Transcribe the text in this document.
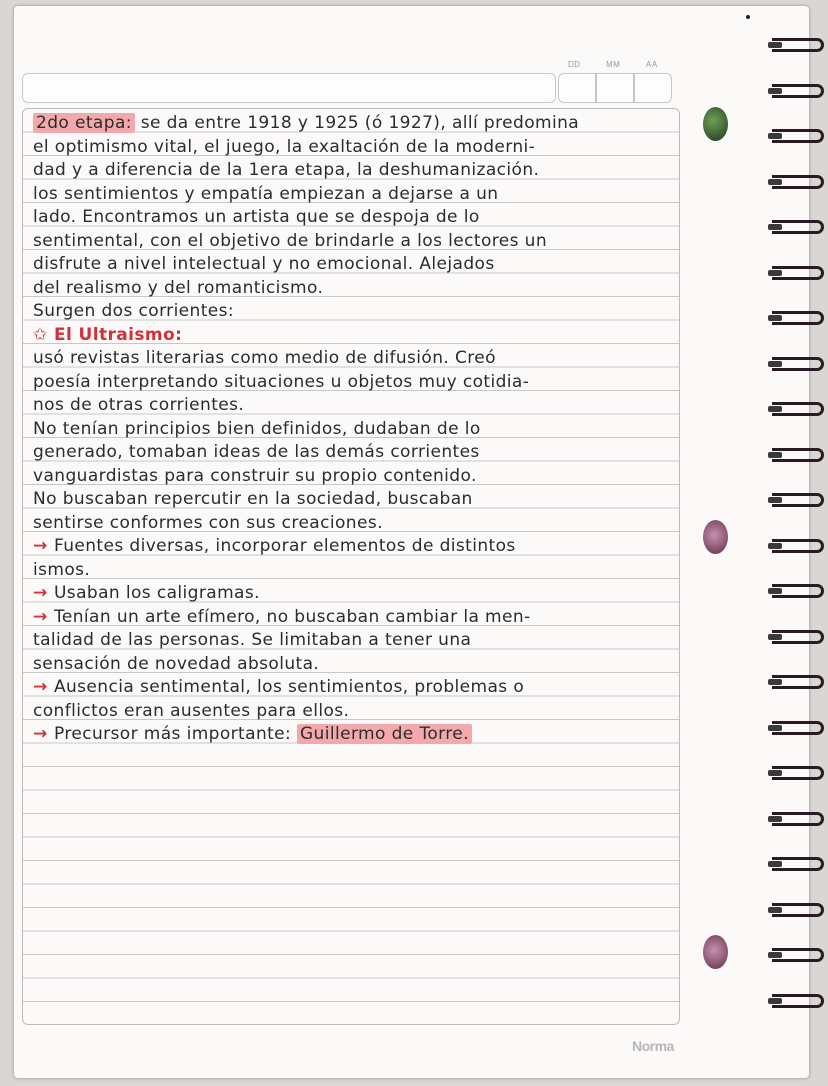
DD	MM	AA
2do etapa: se da entre 1918 y 1925 (ó 1927), allí predomina
el optimismo vital, el juego, la exaltación de la moderni-
dad y a diferencia de la 1era etapa, la deshumanización.
los sentimientos y empatía empiezan a dejarse a un
lado. Encontramos un artista que se despoja de lo
sentimental, con el objetivo de brindarle a los lectores un
disfrute a nivel intelectual y no emocional. Alejados
del realismo y del romanticismo.
Surgen dos corrientes:
✩ El Ultraismo:
usó revistas literarias como medio de difusión. Creó
poesía interpretando situaciones u objetos muy cotidia-
nos de otras corrientes.
No tenían principios bien definidos, dudaban de lo
generado, tomaban ideas de las demás corrientes
vanguardistas para construir su propio contenido.
No buscaban repercutir en la sociedad, buscaban
sentirse conformes con sus creaciones.
→ Fuentes diversas, incorporar elementos de distintos
ismos.
→ Usaban los caligramas.
→ Tenían un arte efímero, no buscaban cambiar la men-
talidad de las personas. Se limitaban a tener una
sensación de novedad absoluta.
→ Ausencia sentimental, los sentimientos, problemas o
conflictos eran ausentes para ellos.
→ Precursor más importante: Guillermo de Torre.
Norma
